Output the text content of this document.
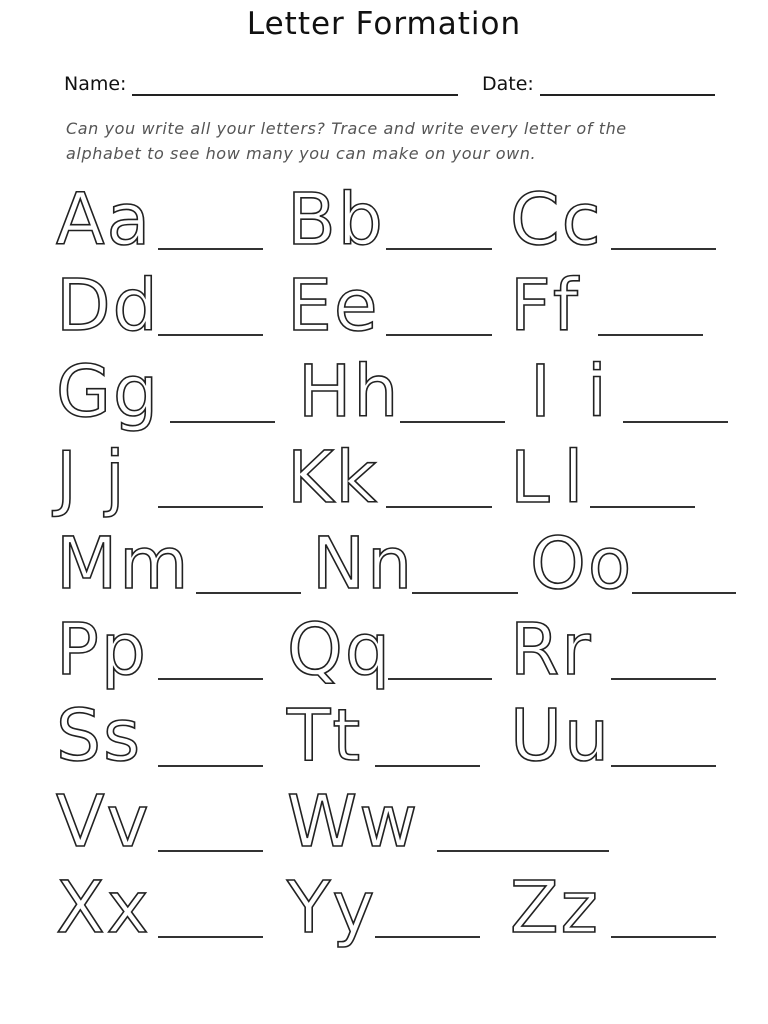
Letter Formation
Name:	Date:
Can you write all your letters? Trace and write every letter of the alphabet to see how many you can make on your own.
Aa Bb Cc
Dd Ee Ff
Gg Hh Ii
Jj Kk Ll
Mm Nn Oo
Pp Qq Rr
Ss Tt Uu
Vv Ww
Xx Yy Zz
